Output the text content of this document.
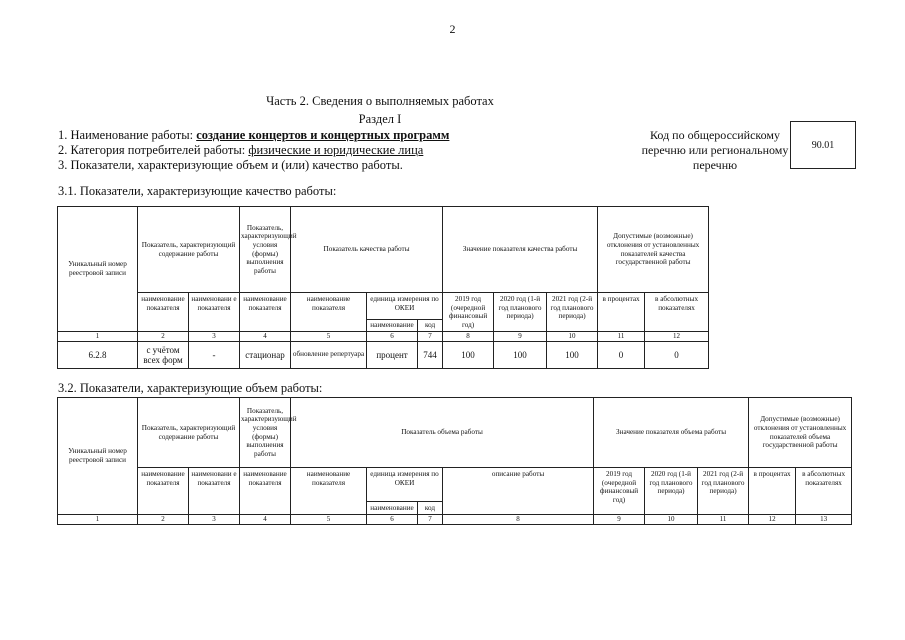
2
Часть 2. Сведения о выполняемых работах
Раздел I
1. Наименование работы: создание концертов и концертных программ
2. Категория потребителей работы: физические и юридические лица
3. Показатели, характеризующие объем и (или) качество работы.
Код по общероссийскому перечню или региональному перечню
90.01
3.1. Показатели, характеризующие качество работы:
Уникальный номер реестровой записи	Показатель, характеризующий содержание работы		Показатель, характеризующий условия (формы) выполнения работы	Показатель качества работы			Значение показателя качества работы			Допустимые (возможные) отклонения от установленных показателей качества государственной работы	
	наименование показателя	наименовани е показателя	наименование показателя	наименование показателя	единица измерения по ОКЕИ		2019 год (очередной финансовый год)	2020 год (1-й год планового периода)	2021 год (2-й год планового периода)	в процентах	в абсолютных показателях
					наименование	код					
1	2	3	4	5	6	7	8	9	10	11	12
6.2.8	с учётом всех форм	-	стационар	обновление репертуара	процент	744	100	100	100	0	0
3.2. Показатели, характеризующие объем работы:
Уникальный номер реестровой записи	Показатель, характеризующий содержание работы		Показатель, характеризующий условия (формы) выполнения работы	Показатель объема работы				Значение показателя объема работы			Допустимые (возможные) отклонения от установленных показателей объема государственной работы	
	наименование показателя	наименовани е показателя	наименование показателя	наименование показателя	единица измерения по ОКЕИ		описание работы	2019 год (очередной финансовый год)	2020 год (1-й год планового периода)	2021 год (2-й год планового периода)	в процентах	в абсолютных показателях
					наименование	код						
1	2	3	4	5	6	7	8	9	10	11	12	13
